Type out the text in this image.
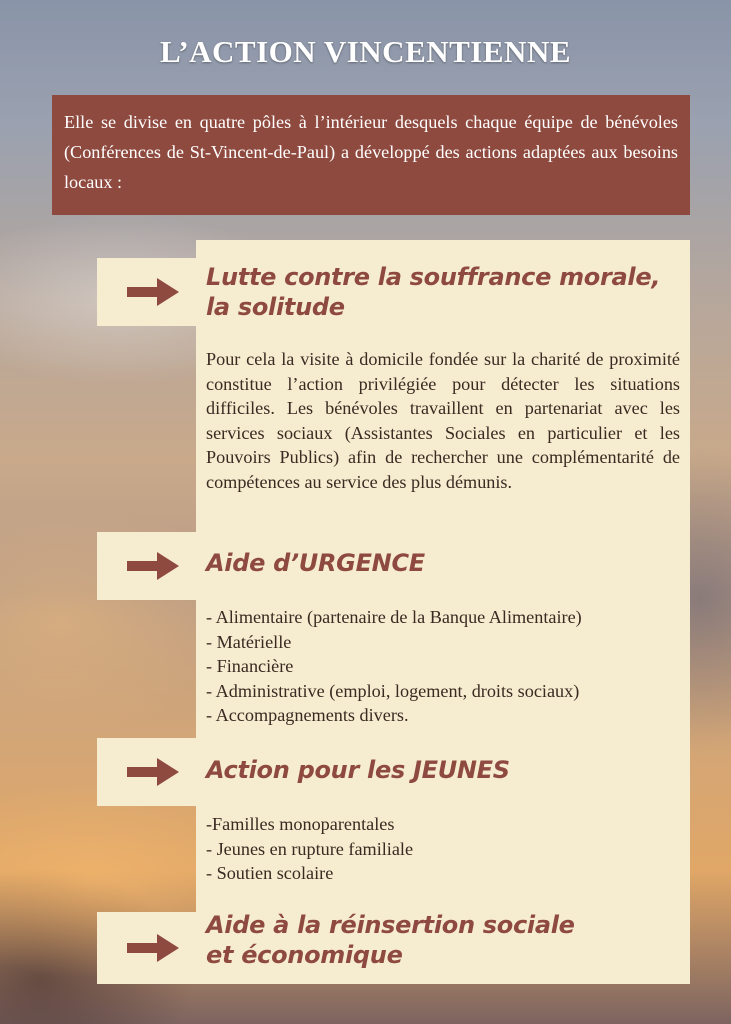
L’ACTION VINCENTIENNE
Elle se divise en quatre pôles à l’intérieur desquels chaque équipe de bénévoles (Conférences de St-Vincent-de-Paul) a développé des actions adaptées aux besoins locaux :
Lutte contre la souffrance morale,
la solitude
Pour cela la visite à domicile fondée sur la charité de proximité constitue l’action privilégiée pour détecter les situations difficiles. Les bénévoles travaillent en partenariat avec les services sociaux (Assistantes Sociales en particulier et les Pouvoirs Publics) afin de rechercher une complémentarité de compétences au service des plus démunis.
Aide d’URGENCE
- Alimentaire (partenaire de la Banque Alimentaire)
- Matérielle
- Financière
- Administrative (emploi, logement, droits sociaux)
- Accompagnements divers.
Action pour les JEUNES
-Familles monoparentales
- Jeunes en rupture familiale
- Soutien scolaire
Aide à la réinsertion sociale
et économique
